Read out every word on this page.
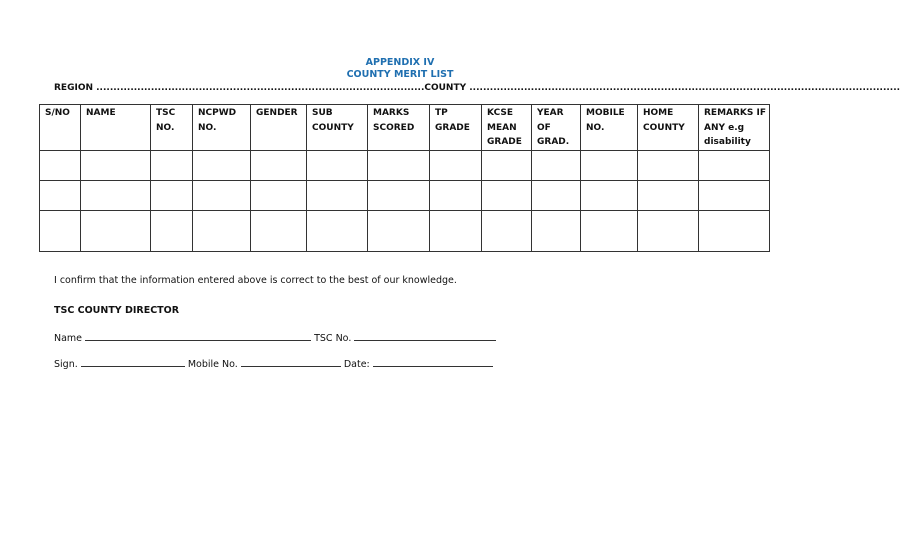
APPENDIX IV
COUNTY MERIT LIST
REGION ................................................................................................COUNTY ..............................................................................................................................
S/NO	NAME	TSC NO.	NCPWD NO.	GENDER	SUB COUNTY	MARKS SCORED	TP GRADE	KCSE MEAN GRADE	YEAR OF GRAD.	MOBILE NO.	HOME COUNTY	REMARKS IF ANY e.g disability

I confirm that the information entered above is correct to the best of our knowledge.
TSC COUNTY DIRECTOR
Name	TSC No.
Sign.	Mobile No.	Date:
